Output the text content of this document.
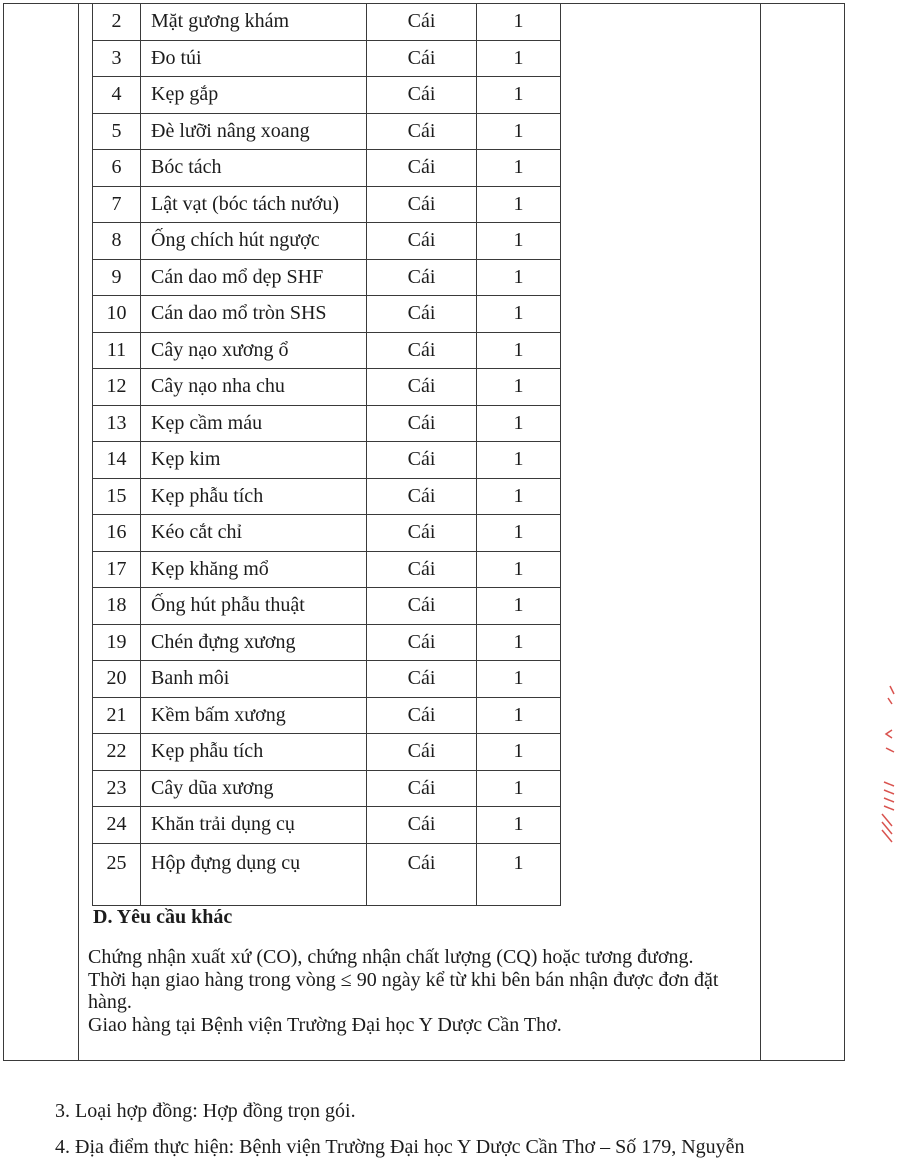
2	Mặt gương khám	Cái	1
3	Đo túi	Cái	1
4	Kẹp gắp	Cái	1
5	Đè lưỡi nâng xoang	Cái	1
6	Bóc tách	Cái	1
7	Lật vạt (bóc tách nướu)	Cái	1
8	Ống chích hút ngược	Cái	1
9	Cán dao mổ dẹp SHF	Cái	1
10	Cán dao mổ tròn SHS	Cái	1
11	Cây nạo xương ổ	Cái	1
12	Cây nạo nha chu	Cái	1
13	Kẹp cầm máu	Cái	1
14	Kẹp kim	Cái	1
15	Kẹp phẫu tích	Cái	1
16	Kéo cắt chỉ	Cái	1
17	Kẹp khăng mổ	Cái	1
18	Ống hút phẫu thuật	Cái	1
19	Chén đựng xương	Cái	1
20	Banh môi	Cái	1
21	Kềm bấm xương	Cái	1
22	Kẹp phẫu tích	Cái	1
23	Cây dũa xương	Cái	1
24	Khăn trải dụng cụ	Cái	1
25	Hộp đựng dụng cụ	Cái	1
D. Yêu cầu khác

Chứng nhận xuất xứ (CO), chứng nhận chất lượng (CQ) hoặc tương đương.

Thời hạn giao hàng trong vòng ≤ 90 ngày kể từ khi bên bán nhận được đơn đặt hàng.

Giao hàng tại Bệnh viện Trường Đại học Y Dược Cần Thơ.

3. Loại hợp đồng: Hợp đồng trọn gói.
4. Địa điểm thực hiện: Bệnh viện Trường Đại học Y Dược Cần Thơ – Số 179, Nguyễn
